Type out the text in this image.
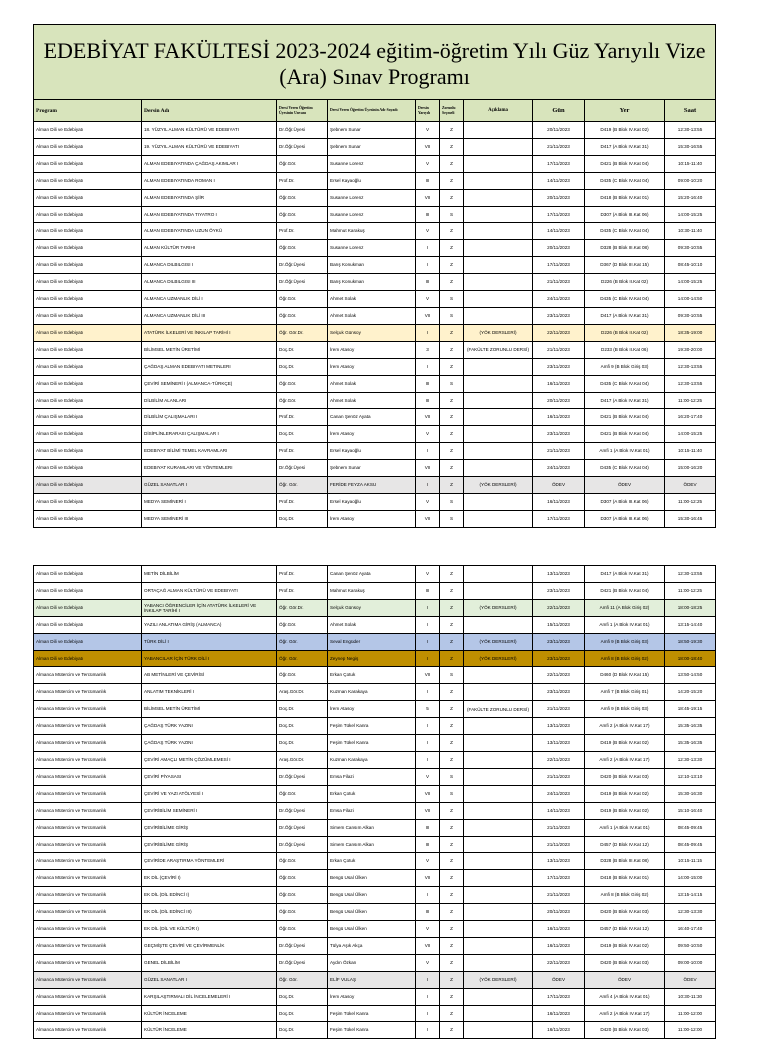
EDEBİYAT FAKÜLTESİ 2023-2024 eğitim-öğretim Yılı Güz Yarıyılı Vize (Ara) Sınav Programı									
Program	Dersin Adı	Dersi Veren Öğretim Üyesinin Unvanı	Dersi Veren Öğretim Üyesinin Adı-Soyadı	Dersin Yarıyılı	Zorunlu Seçmeli	Açıklama	Gün	Yer	Saat
Alman Dili ve Edebiyatı	18. YÜZYIL ALMAN KÜLTÜRÜ VE EDEBIYATI	Dr.Öğr.Üyesi	Şebnem Sunar	V	Z		20/11/2023	D419 (B Blok IV.Kat 02)	12:30-13:55
Alman Dili ve Edebiyatı	19. YÜZYIL ALMAN KÜLTÜRÜ VE EDEBIYATI	Dr.Öğr.Üyesi	Şebnem Sunar	VII	Z		21/11/2023	D417 (A Blok IV.Kat 31)	15:30-16:55
Alman Dili ve Edebiyatı	ALMAN EDEBIYATINDA ÇAĞDAŞ AKIMLAR I	Öğr.Gör.	Susanne Lorenz	V	Z		17/11/2023	D421 (B Blok IV.Kat 04)	10:15-11:40
Alman Dili ve Edebiyatı	ALMAN EDEBIYATINDA ROMAN I	Prof.Dr.	Ersel Kayaoğlu	III	Z		14/11/2023	D435 (C Blok IV.Kat 04)	09:00-10:20
Alman Dili ve Edebiyatı	ALMAN EDEBIYATINDA ŞİİR	Öğr.Gör.	Susanne Lorenz	VII	Z		20/11/2023	D418 (B Blok IV.Kat 01)	15:20-16:40
Alman Dili ve Edebiyatı	ALMAN EDEBIYATINDA TIYATRO I	Öğr.Gör.	Susanne Lorenz	III	S		17/11/2023	D307 (A Blok III.Kat 06)	14:00-15:25
Alman Dili ve Edebiyatı	ALMAN EDEBIYATINDA UZUN ÖYKÜ	Prof.Dr.	Mahmut Karakuş	V	Z		14/11/2023	D435 (C Blok IV.Kat 04)	10:30-11:40
Alman Dili ve Edebiyatı	ALMAN KÜLTÜR TARIHI	Öğr.Gör.	Susanne Lorenz	I	Z		20/11/2023	D328 (B Blok III.Kat 08)	09:30-10:55
Alman Dili ve Edebiyatı	ALMANCA DILBILGISI I	Dr.Öğr.Üyesi	Barış Konukman	I	Z		17/11/2023	D367 (D Blok III.Kat 15)	08:45-10:10
Alman Dili ve Edebiyatı	ALMANCA DILBILGISI III	Dr.Öğr.Üyesi	Barış Konukman	III	Z		21/11/2023	D226 (B Blok II.Kat 02)	14:00-15:25
Alman Dili ve Edebiyatı	ALMANCA UZMANLIK DİLİ I	Öğr.Gör.	Ahmet Solak	V	S		24/11/2023	D435 (C Blok IV.Kat 04)	14:00-14:50
Alman Dili ve Edebiyatı	ALMANCA UZMANLIK DİLİ III	Öğr.Gör.	Ahmet Solak	VII	S		23/11/2023	D417 (A Blok IV.Kat 31)	09:30-10:55
Alman Dili ve Edebiyatı	ATATÜRK İLKELERİ VE İNKILAP TARİHİ I	Öğr. Gör.Dr.	Selçuk Günsoy	I	Z	(YÖK DERSLERİ)	22/11/2023	D226 (B Blok II.Kat 02)	18:35-19:00
Alman Dili ve Edebiyatı	BİLİMSEL METİN ÜRETİMİ	Doç.Dr.	İrem Atasoy	3	Z	(FAKÜLTE ZORUNLU DERSİ)	21/11/2023	D233 (B Blok II.Kat 06)	19:30-20:00
Alman Dili ve Edebiyatı	ÇAĞDAŞ ALMAN EDEBIYATI METINLERI	Doç.Dr.	İrem Atasoy	I	Z		23/11/2023	Amfi 9 (B Blok Giriş 03)	12:30-13:55
Alman Dili ve Edebiyatı	ÇEVİRİ SEMİNERİ I (ALMANCA-TÜRKÇE)	Öğr.Gör.	Ahmet Solak	III	S		16/11/2023	D435 (C Blok IV.Kat 04)	12:30-13:55
Alman Dili ve Edebiyatı	DİLBİLİM ALANLARI	Öğr.Gör.	Ahmet Solak	III	Z		20/11/2023	D417 (A Blok IV.Kat 31)	11:00-12:25
Alman Dili ve Edebiyatı	DİLBİLİM ÇALIŞMALARI I	Prof.Dr.	Canan Şenöz Ayata	VII	Z		16/11/2023	D421 (B Blok IV.Kat 04)	16:20-17:40
Alman Dili ve Edebiyatı	DİSİPLİNLERARASI ÇALIŞMALAR I	Doç.Dr.	İrem Atasoy	V	Z		23/11/2023	D421 (B Blok IV.Kat 04)	14:00-15:25
Alman Dili ve Edebiyatı	EDEBIYAT BİLİMİ TEMEL KAVRAMLARI	Prof.Dr.	Ersel Kayaoğlu	I	Z		21/11/2023	Amfi 1 (A Blok IV.Kat 01)	10:15-11:40
Alman Dili ve Edebiyatı	EDEBIYAT KURAMLARI VE YÖNTEMLERI	Dr.Öğr.Üyesi	Şebnem Sunar	VII	Z		24/11/2023	D435 (C Blok IV.Kat 04)	15:00-16:20
Alman Dili ve Edebiyatı	GÜZEL SANATLAR I	Öğr. Gör.	FERİDE FEYZA AKSU	I	Z	(YÖK DERSLERİ)	ÖDEV	ÖDEV	ÖDEV
Alman Dili ve Edebiyatı	MEDYA SEMİNERİ I	Prof.Dr.	Ersel Kayaoğlu	V	S		16/11/2023	D307 (A Blok III.Kat 06)	11:00-12:25
Alman Dili ve Edebiyatı	MEDYA SEMİNERİ III	Doç.Dr.	İrem Atasoy	VII	S		17/11/2023	D307 (A Blok III.Kat 06)	15:30-16:45
Alman Dili ve Edebiyatı	METİN DİLBİLİM	Prof.Dr.	Canan Şenöz Ayata	V	Z		13/11/2023	D417 (A Blok IV.Kat 31)	12:30-13:55
Alman Dili ve Edebiyatı	ORTAÇAĞ ALMAN KÜLTÜRÜ VE EDEBIYATI	Prof.Dr.	Mahmut Karakuş	III	Z		23/11/2023	D421 (B Blok IV.Kat 04)	11:00-12:25
Alman Dili ve Edebiyatı	YABANCI ÖĞRENCİLER İÇİN ATATÜRK İLKELERİ VE İNKILAP TARİHİ I	Öğr. Gör.Dr.	Selçuk Günsoy	I	Z	(YÖK DERSLERİ)	22/11/2023	Amfi 11 (A Blok Giriş 02)	18:00-18:25
Alman Dili ve Edebiyatı	YAZILI ANLATIMA GİRİŞ (ALMANCA)	Öğr.Gör.	Ahmet Solak	I	Z		15/11/2023	Amfi 1 (A Blok IV.Kat 01)	13:15-14:40
Alman Dili ve Edebiyatı	TÜRK DİLİ I	Öğr. Gör.	Seval Engüder	I	Z	(YÖK DERSLERİ)	23/11/2023	Amfi 9 (B Blok Giriş 03)	18:50-19:30
Alman Dili ve Edebiyatı	YABANCILAR İÇİN TÜRK DİLİ I	Öğr. Gör.	Zeynep Negiş	I	Z	(YÖK DERSLERİ)	23/11/2023	Amfi 8 (B Blok Giriş 02)	18:00-18:40
Almanca Mütercim ve Tercümanlık	AB METİNLERİ VE ÇEVİRİSİ	Öğr.Gör.	Erkan Çotuk	VII	S		22/11/2023	D460 (D Blok IV.Kat 15)	13:50-14:50
Almanca Mütercim ve Tercümanlık	ANLATIM TEKNİKLERİ I	Araş.Gör.Dr.	Kuzman Karakaya	I	Z		23/11/2023	Amfi 7 (B Blok Giriş 01)	14:20-15:20
Almanca Mütercim ve Tercümanlık	BİLİMSEL METİN ÜRETİMİ	Doç.Dr.	İrem Atasoy	5	Z	(FAKÜLTE ZORUNLU DERSİ)	21/11/2023	Amfi 9 (B Blok Giriş 03)	18:45-19:15
Almanca Mütercim ve Tercümanlık	ÇAĞDAŞ TÜRK YAZINI	Doç.Dr.	Feşim Tükel Kanra	I	Z		13/11/2023	Amfi 2 (A Blok IV.Kat 17)	15:35-16:35
Almanca Mütercim ve Tercümanlık	ÇAĞDAŞ TÜRK YAZINI	Doç.Dr.	Feşim Tükel Kanra	I	Z		13/11/2023	D419 (B Blok IV.Kat 02)	15:35-16:35
Almanca Mütercim ve Tercümanlık	ÇEVİRİ AMAÇLI METİN ÇÖZÜMLEMESİ I	Araş.Gör.Dr.	Kuzman Karakaya	I	Z		22/11/2023	Amfi 2 (A Blok IV.Kat 17)	12:30-13:30
Almanca Mütercim ve Tercümanlık	ÇEVİRİ PİYASASI	Dr.Öğr.Üyesi	Emsa Filazi	V	S		21/11/2023	D420 (B Blok IV.Kat 03)	12:10-13:10
Almanca Mütercim ve Tercümanlık	ÇEVİRİ VE YAZI ATÖLYESİ I	Öğr.Gör.	Erkan Çotuk	VII	S		24/11/2023	D419 (B Blok IV.Kat 02)	15:30-16:30
Almanca Mütercim ve Tercümanlık	ÇEVİRİBİLİM SEMİNERİ I	Dr.Öğr.Üyesi	Emsa Filazi	VII	Z		14/11/2023	D419 (B Blok IV.Kat 02)	15:10-16:40
Almanca Mütercim ve Tercümanlık	ÇEVİRİBİLİME GİRİŞ	Dr.Öğr.Üyesi	Simem Cansım Alkan	III	Z		21/11/2023	Amfi 1 (A Blok IV.Kat 01)	08:45-09:45
Almanca Mütercim ve Tercümanlık	ÇEVİRİBİLİME GİRİŞ	Dr.Öğr.Üyesi	Simem Cansım Alkan	III	Z		21/11/2023	D457 (D Blok IV.Kat 12)	08:45-09:45
Almanca Mütercim ve Tercümanlık	ÇEVİRİDE ARAŞTIRMA YÖNTEMLERİ	Öğr.Gör.	Erkan Çotuk	V	Z		13/11/2023	D328 (B Blok III.Kat 08)	10:15-11:15
Almanca Mütercim ve Tercümanlık	EK DİL (ÇEVİRİ I)	Öğr.Gör.	Bengü Usal Ülken	VII	Z		17/11/2023	D418 (B Blok IV.Kat 01)	14:00-15:00
Almanca Mütercim ve Tercümanlık	EK DİL (DİL EDİNCİ I)	Öğr.Gör.	Bengü Usal Ülken	I	Z		21/11/2023	Amfi 8 (B Blok Giriş 02)	13:15-14:15
Almanca Mütercim ve Tercümanlık	EK DİL (DİL EDİNCİ III)	Öğr.Gör.	Bengü Usal Ülken	III	Z		20/11/2023	D420 (B Blok IV.Kat 03)	12:30-13:30
Almanca Mütercim ve Tercümanlık	EK DİL (DİL VE KÜLTÜR I)	Öğr.Gör.	Bengü Usal Ülken	V	Z		16/11/2023	D457 (D Blok IV.Kat 12)	16:40-17:40
Almanca Mütercim ve Tercümanlık	GEÇMİŞTE ÇEVİRİ VE ÇEVİRMENLİK	Dr.Öğr.Üyesi	Tülya Aşık Akça	VII	Z		16/11/2023	D419 (B Blok IV.Kat 02)	09:50-10:50
Almanca Mütercim ve Tercümanlık	GENEL DİLBİLİM	Dr.Öğr.Üyesi	Aydın Özkan	V	Z		22/11/2023	D420 (B Blok IV.Kat 03)	09:00-10:00
Almanca Mütercim ve Tercümanlık	GÜZEL SANATLAR I	Öğr. Gör.	ELİF VULAŞ	I	Z	(YÖK DERSLERİ)	ÖDEV	ÖDEV	ÖDEV
Almanca Mütercim ve Tercümanlık	KARŞILAŞTIRMALI DİL İNCELEMELERİ I	Doç.Dr.	İrem Atasoy	I	Z		17/11/2023	Amfi 4 (A Blok IV.Kat 01)	10:30-11:30
Almanca Mütercim ve Tercümanlık	KÜLTÜR İNCELEME	Doç.Dr.	Feşim Tükel Kanra	I	Z		16/11/2023	Amfi 2 (A Blok IV.Kat 17)	11:00-12:00
Almanca Mütercim ve Tercümanlık	KÜLTÜR İNCELEME	Doç.Dr.	Feşim Tükel Kanra	I	Z		16/11/2023	D420 (B Blok IV.Kat 03)	11:00-12:00
